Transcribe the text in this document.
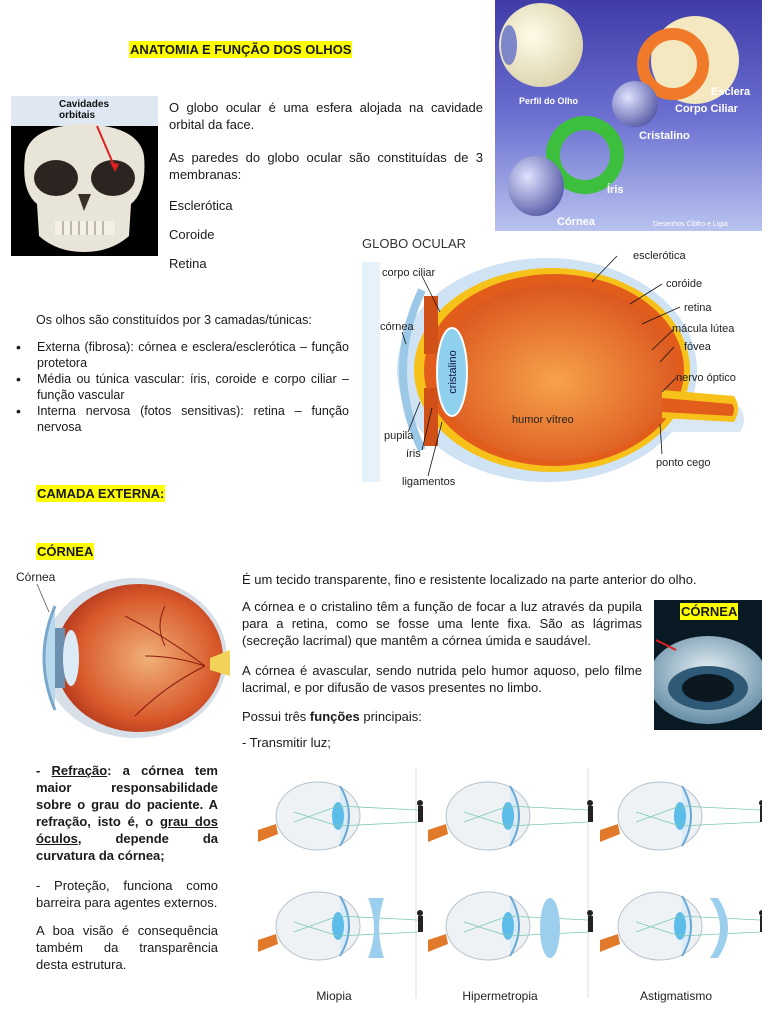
ANATOMIA E FUNÇÃO DOS OLHOS
Cavidades
orbitais
O globo ocular é uma esfera alojada na cavidade orbital da face.
As paredes do globo ocular são constituídas de 3 membranas:
Esclerótica
Coroide
Retina
Perfil do Olho
Esclera
Corpo Ciliar
Cristalino
Íris
Córnea	Desenhos Cibfro e Ligia
GLOBO OCULAR
cristalino
humor vítreo
corpo ciliar
esclerótica
coróide
retina
córnea	mácula lútea
fóvea
nervo óptico
pupila
íris
ponto cego
ligamentos
Os olhos são constituídos por 3 camadas/túnicas:
• Externa (fibrosa): córnea e esclera/esclerótica – função protetora
• Média ou túnica vascular: íris, coroide e corpo ciliar – função vascular
• Interna nervosa (fotos sensitivas): retina – função nervosa
CAMADA EXTERNA:
CÓRNEA
Córnea	É um tecido transparente, fino e resistente localizado na parte anterior do olho.
A córnea e o cristalino têm a função de focar a luz através da pupila para a retina, como se fosse uma lente fixa. São as lágrimas (secreção lacrimal) que mantêm a córnea úmida e saudável.
A córnea é avascular, sendo nutrida pelo humor aquoso, pelo filme lacrimal, e por difusão de vasos presentes no limbo.
Possui três funções principais:
- Transmitir luz;
CÓRNEA
- Refração: a córnea tem maior responsabilidade sobre o grau do paciente. A refração, isto é, o grau dos óculos, depende da curvatura da córnea;
- Proteção, funciona como barreira para agentes externos.
A boa visão é consequência também da transparência desta estrutura.
Miopia	Hipermetropia	Astigmatismo
